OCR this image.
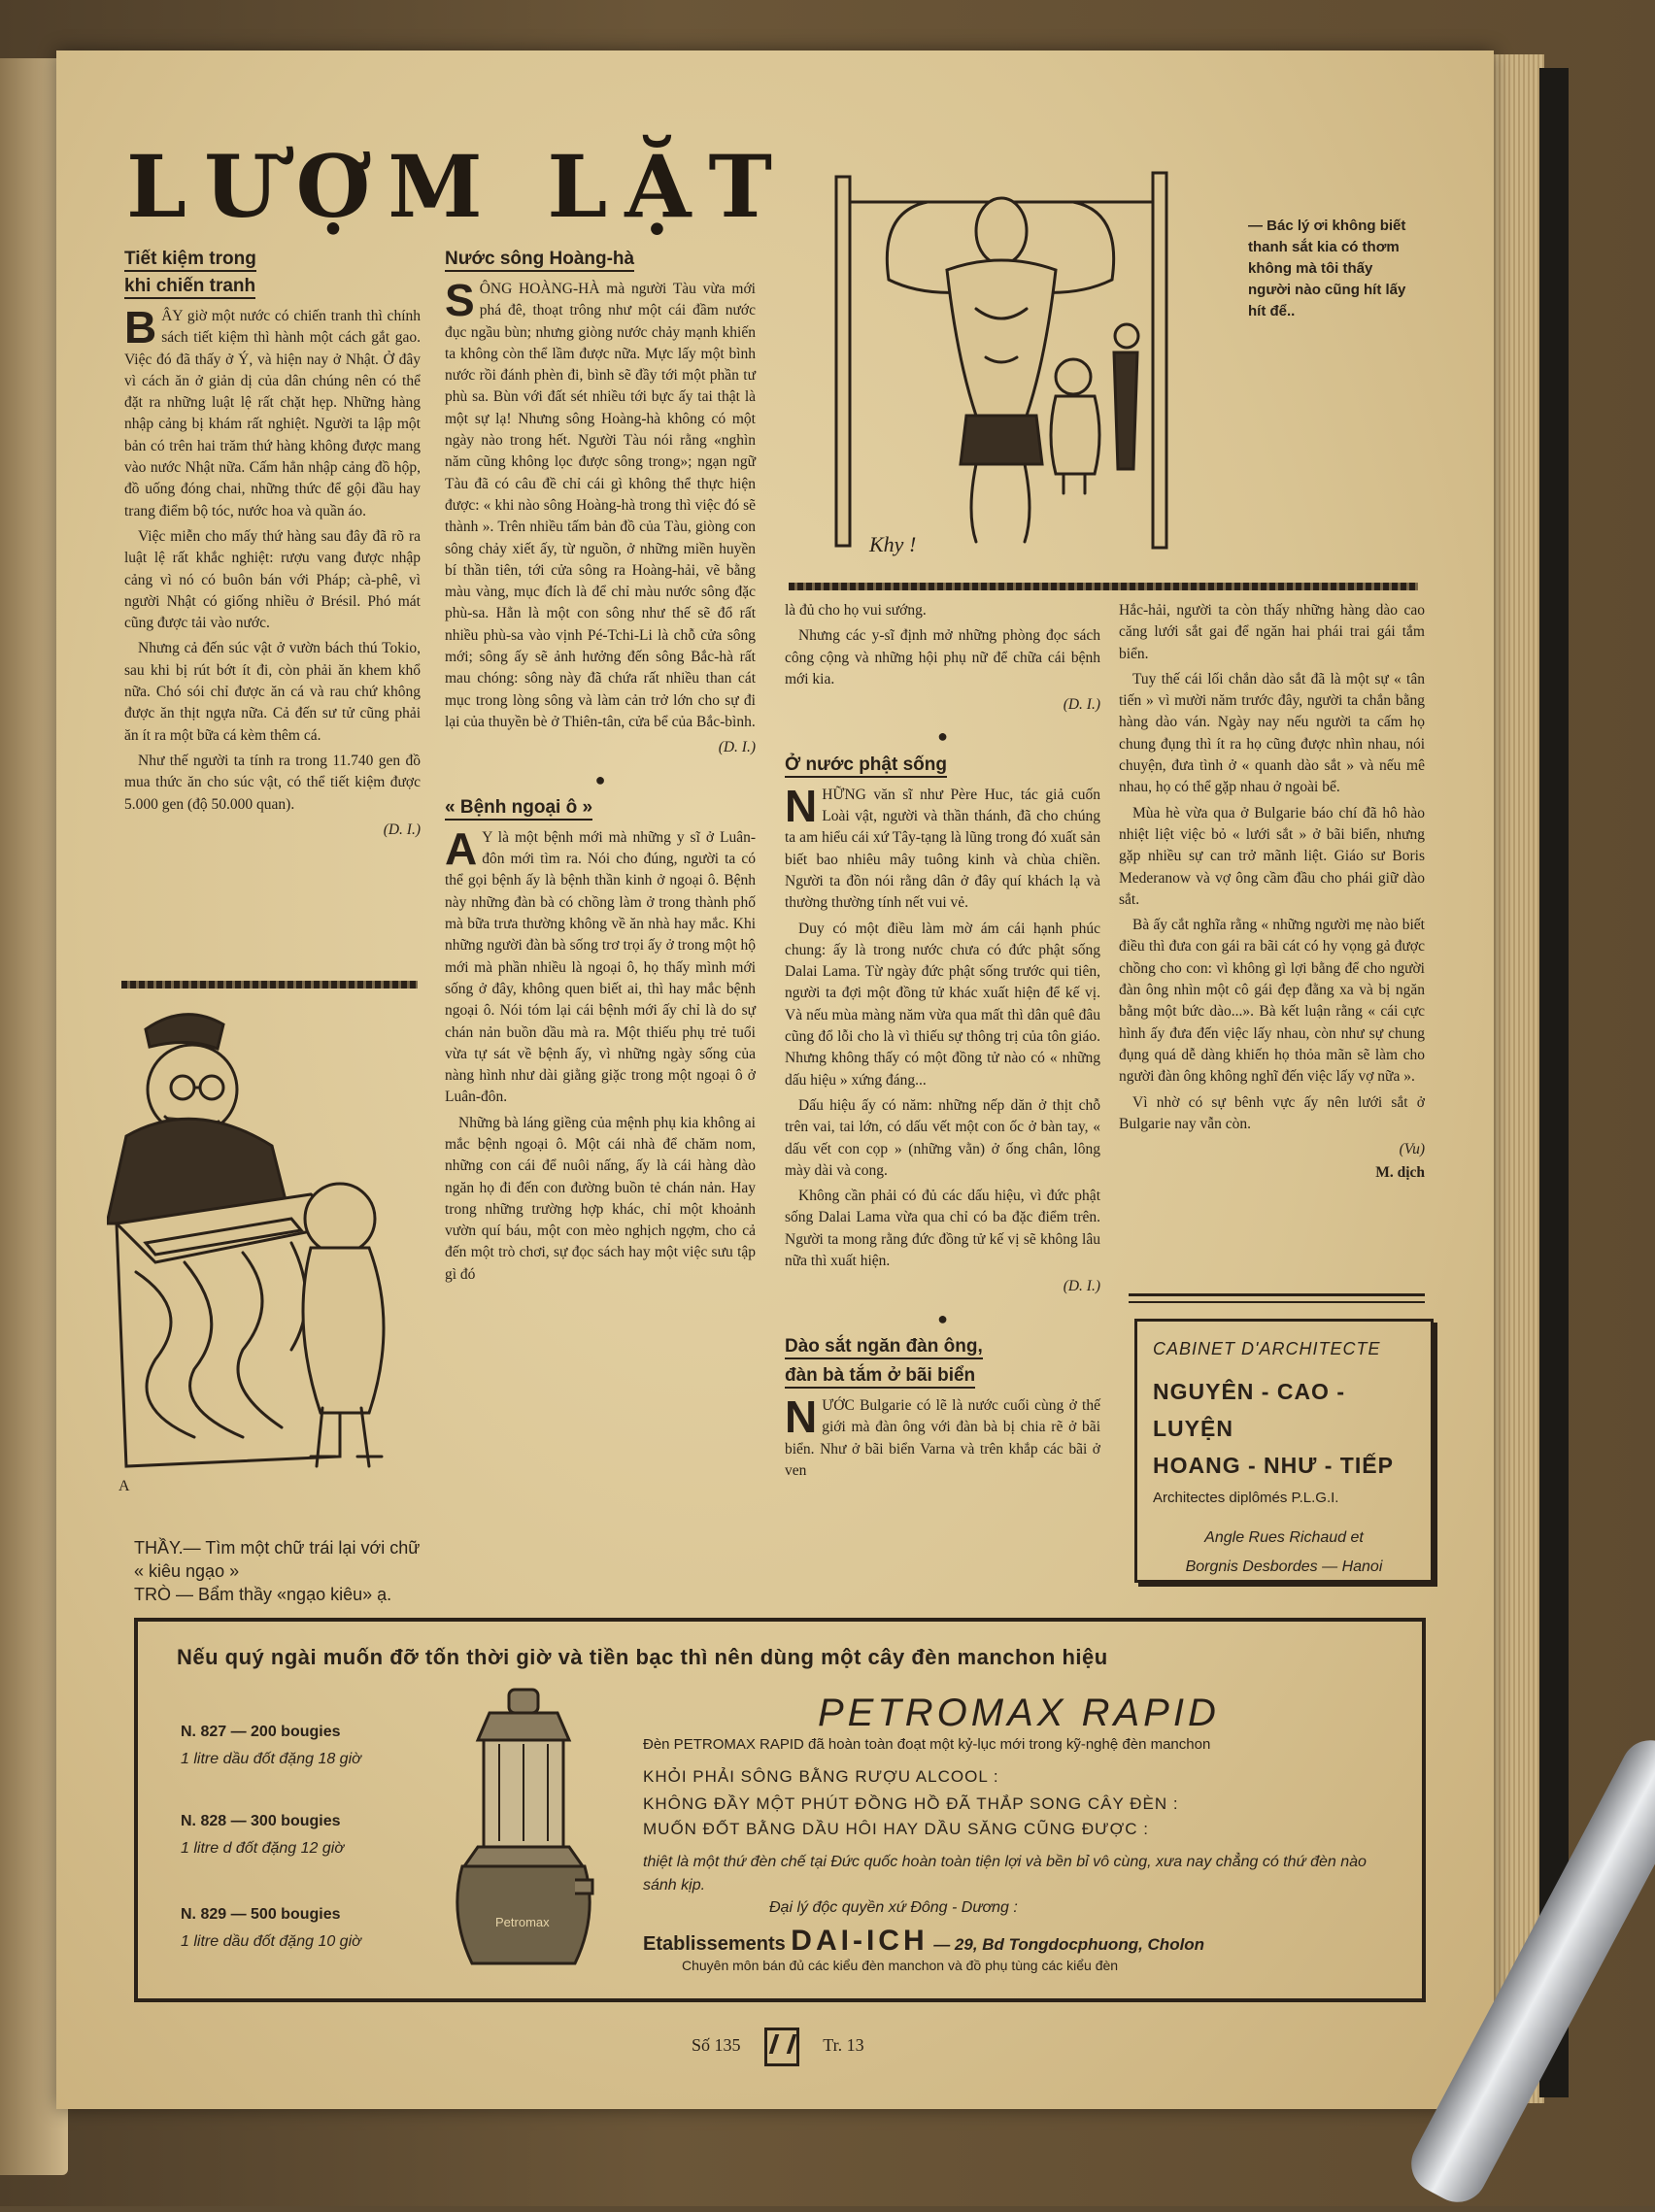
LƯỢM LẶT
Tiết kiệm trong
khi chiến tranh

BÂY giờ một nước có chiến tranh thì chính sách tiết kiệm thì hành một cách gắt gao. Việc đó đã thấy ở Ý, và hiện nay ở Nhật. Ở đây vì cách ăn ở giản dị của dân chúng nên có thể đặt ra những luật lệ rất chặt hẹp. Những hàng nhập cảng bị khám rất nghiệt. Người ta lập một bản có trên hai trăm thứ hàng không được mang vào nước Nhật nữa. Cấm hẳn nhập cảng đồ hộp, đồ uống đóng chai, những thức để gội đầu hay trang điểm bộ tóc, nước hoa và quần áo.

Việc miễn cho mấy thứ hàng sau đây đã rõ ra luật lệ rất khắc nghiệt: rượu vang được nhập cảng vì nó có buôn bán với Pháp; cà-phê, vì người Nhật có giống nhiều ở Brésil. Phó mát cũng được tải vào nước.

Nhưng cả đến súc vật ở vườn bách thú Tokio, sau khi bị rút bớt ít đi, còn phải ăn khem khổ nữa. Chó sói chỉ được ăn cá và rau chứ không được ăn thịt ngựa nữa. Cả đến sư tử cũng phải ăn ít ra một bữa cá kèm thêm cá.

Như thế người ta tính ra trong 11.740 gen đồ mua thức ăn cho súc vật, có thể tiết kiệm được 5.000 gen (độ 50.000 quan).

(D. I.)
A
THẦY.— Tìm một chữ trái lại với chữ « kiêu ngạo »
TRÒ — Bẩm thầy «ngạo kiêu» ạ.
Nước sông Hoàng-hà

SÔNG HOÀNG-HÀ mà người Tàu vừa mới phá đê, thoạt trông như một cái đầm nước đục ngầu bùn; nhưng giòng nước chảy mạnh khiến ta không còn thể lầm được nữa. Mực lấy một bình nước rồi đánh phèn đi, bình sẽ đầy tới một phần tư phù sa. Bùn với đất sét nhiều tới bực ấy tai thật là một sự lạ! Nhưng sông Hoàng-hà không có một ngày nào trong hết. Người Tàu nói rằng «nghìn năm cũng không lọc được sông trong»; ngạn ngữ Tàu đã có câu đề chỉ cái gì không thể thực hiện được: « khi nào sông Hoàng-hà trong thì việc đó sẽ thành ». Trên nhiều tấm bản đồ của Tàu, giòng con sông chảy xiết ấy, từ nguồn, ở những miền huyền bí thần tiên, tới cửa sông ra Hoàng-hải, vẽ bằng màu vàng, mục đích là để chỉ màu nước sông đặc phù-sa. Hẳn là một con sông như thế sẽ đổ rất nhiều phù-sa vào vịnh Pé-Tchi-Li là chỗ cửa sông mới; sông ấy sẽ ảnh hưởng đến sông Bắc-hà rất mau chóng: sông này đã chứa rất nhiều than cát mục trong lòng sông và làm cản trở lớn cho sự đi lại của thuyền bè ở Thiên-tân, cửa bể của Bắc-bình.

(D. I.)
●
« Bệnh ngoại ô »

A Y là một bệnh mới mà những y sĩ ở Luân-đôn mới tìm ra. Nói cho đúng, người ta có thể gọi bệnh ấy là bệnh thần kinh ở ngoại ô. Bệnh này những đàn bà có chồng làm ở trong thành phố mà bữa trưa thường không về ăn nhà hay mắc. Khi những người đàn bà sống trơ trọi ấy ở trong một hộ mới mà phần nhiều là ngoại ô, họ thấy mình mới sống ở đây, không quen biết ai, thì hay mắc bệnh ngoại ô. Nói tóm lại cái bệnh mới ấy chỉ là do sự chán nản buồn dầu mà ra. Một thiếu phụ trẻ tuổi vừa tự sát về bệnh ấy, vì những ngày sống của nàng hình như dài giằng giặc trong một ngoại ô ở Luân-đôn.

Những bà láng giềng của mệnh phụ kia không ai mắc bệnh ngoại ô. Một cái nhà để chăm nom, những con cái để nuôi nấng, ấy là cái hàng dào ngăn họ đi đến con đường buồn tẻ chán nản. Hay trong những trường hợp khác, chỉ một khoảnh vườn quí báu, một con mèo nghịch ngợm, cho cả đến một trò chơi, sự đọc sách hay một việc sưu tập gì đó

Khy !
— Bác lý ơi không biết thanh sắt kia có thơm không mà tôi thấy người nào cũng hít lấy hít để..

là đủ cho họ vui sướng.

Nhưng các y-sĩ định mở những phòng đọc sách công cộng và những hội phụ nữ để chữa cái bệnh mới kia.

(D. I.)
●
Ở nước phật sống

NHỮNG văn sĩ như Père Huc, tác giả cuốn Loài vật, người và thần thánh, đã cho chúng ta am hiểu cái xứ Tây-tạng là lũng trong đó xuất sản biết bao nhiêu mây tuông kinh và chùa chiền. Người ta đồn nói rằng dân ở đây quí khách lạ và thường thường tính nết vui vẻ.

Duy có một điều làm mờ ám cái hạnh phúc chung: ấy là trong nước chưa có đức phật sống Dalai Lama. Từ ngày đức phật sống trước qui tiên, người ta đợi một đồng tử khác xuất hiện để kế vị. Và nếu mùa màng năm vừa qua mất thì dân quê đâu cũng đổ lỗi cho là vì thiếu sự thông trị của tôn giáo. Nhưng không thấy có một đồng tử nào có « những dấu hiệu » xứng đáng...

Dấu hiệu ấy có năm: những nếp dăn ở thịt chỗ trên vai, tai lớn, có dấu vết một con ốc ở bàn tay, « dấu vết con cọp » (những vằn) ở ống chân, lông mày dài và cong.

Không cần phải có đủ các dấu hiệu, vì đức phật sống Dalai Lama vừa qua chỉ có ba đặc điểm trên. Người ta mong rằng đức đồng tử kế vị sẽ không lâu nữa thì xuất hiện.

(D. I.)
●
Dào sắt ngăn đàn ông,
đàn bà tắm ở bãi biển

NƯỚC Bulgarie có lẽ là nước cuối cùng ở thế giới mà đàn ông với đàn bà bị chia rẽ ở bãi biển. Như ở bãi biển Varna và trên khắp các bãi ở ven

Hắc-hải, người ta còn thấy những hàng dào cao căng lưới sắt gai để ngăn hai phái trai gái tắm biển.

Tuy thế cái lối chắn dào sắt đã là một sự « tân tiến » vì mười năm trước đây, người ta chắn bằng hàng dào ván. Ngày nay nếu người ta cấm họ chung đụng thì ít ra họ cũng được nhìn nhau, nói chuyện, đưa tình ở « quanh dào sắt » và nếu mê nhau, họ có thể gặp nhau ở ngoài bể.

Mùa hè vừa qua ở Bulgarie báo chí đã hô hào nhiệt liệt việc bỏ « lưới sắt » ở bãi biển, nhưng gặp nhiều sự can trở mãnh liệt. Giáo sư Boris Mederanow và vợ ông cầm đầu cho phái giữ dào sắt.

Bà ấy cắt nghĩa rằng « những người mẹ nào biết điều thì đưa con gái ra bãi cát có hy vọng gả được chồng cho con: vì không gì lợi bằng để cho người đàn ông nhìn một cô gái đẹp đằng xa và bị ngăn bằng một bức dào...». Bà kết luận rằng « cái cực hình ấy đưa đến việc lấy nhau, còn như sự chung đụng quá dễ dàng khiến họ thỏa mãn sẽ làm cho người đàn ông không nghĩ đến việc lấy vợ nữa ».

Vì nhờ có sự bênh vực ấy nên lưới sắt ở Bulgarie nay vẫn còn.

(Vu)
M. dịch
CABINET D'ARCHITECTE
NGUYÊN - CAO - LUYỆN
HOANG - NHƯ - TIẾP
Architectes diplômés P.L.G.I.
Angle Rues Richaud et
Borgnis Desbordes — Hanoi
Nếu quý ngài muốn đỡ tốn thời giờ và tiền bạc thì nên dùng một cây đèn manchon hiệu
PETROMAX RAPID
N. 827 — 200 bougies
1 litre dầu đốt đặng 18 giờ
N. 828 — 300 bougies
1 litre d đốt đặng 12 giờ
N. 829 — 500 bougies
1 litre dầu đốt đặng 10 giờ
Petromax
Đèn PETROMAX RAPID đã hoàn toàn đoạt một kỷ-lục mới trong kỹ-nghệ đèn manchon
KHỎI PHẢI SÔNG BẰNG RƯỢU ALCOOL :
KHÔNG ĐẦY MỘT PHÚT ĐỒNG HỒ ĐÃ THẮP SONG CÂY ĐÈN :
MUỐN ĐỐT BẰNG DẦU HÔI HAY DẦU SĂNG CŨNG ĐƯỢC :
thiệt là một thứ đèn chế tại Đức quốc hoàn toàn tiện lợi và bền bỉ vô cùng, xưa nay chẳng có thứ đèn nào sánh kịp.
Đại lý độc quyền xứ Đông - Dương :
Etablissements DAI-ICH — 29, Bd Tongdocphuong, Cholon
Chuyên môn bán đủ các kiểu đèn manchon và đồ phụ tùng các kiểu đèn
Số 135	Tr. 13
